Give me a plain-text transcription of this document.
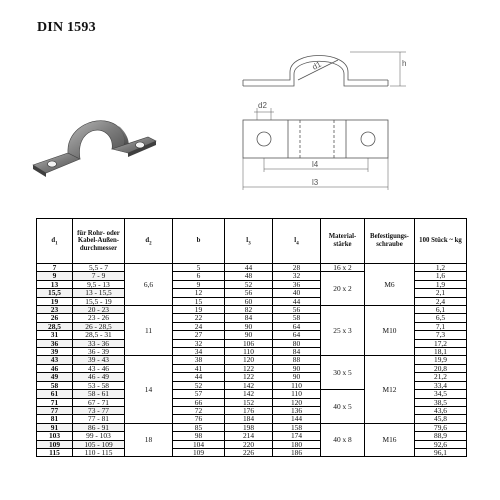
DIN 1593
d1	h
d2
l4
l3
$d_1$	für Rohr- oder Kabel-Außen-durchmesser	$d_2$	b	$l_3$	$l_4$	Material-stärke	Befestigungs-schraube	100 Stück ~ kg
7	5,5 - 7	6,6	5	44	28	16 x 2	M6	1,2
9	7 - 9		6	48	32	20 x 2		1,6
13	9,5 - 13		9	52	36			1,9
15,5	13 - 15,5		12	56	40			2,1
19	15,5 - 19		15	60	44			2,4
23	20 - 23	11	19	82	56	25 x 3	M10	6,1
26	23 - 26		22	84	58			6,5
28,5	26 - 28,5		24	90	64			7,1
31	28,5 - 31		27	90	64			7,3
36	33 - 36		32	106	80			17,2
39	36 - 39		34	110	84			18,1
43	39 - 43	14	38	120	88	30 x 5	M12	19,9
46	43 - 46		41	122	90			20,8
49	46 - 49		44	122	90			21,2
58	53 - 58		52	142	110			33,4
61	58 - 61		57	142	110	40 x 5		34,5
71	67 - 71		66	152	120			38,5
77	73 - 77		72	176	136			43,6
81	77 - 81		76	184	144			45,8
91	86 - 91	18	85	198	158	40 x 8	M16	79,6
103	99 - 103		98	214	174			88,9
109	105 - 109		104	220	180			92,6
115	110 - 115		109	226	186			96,1
